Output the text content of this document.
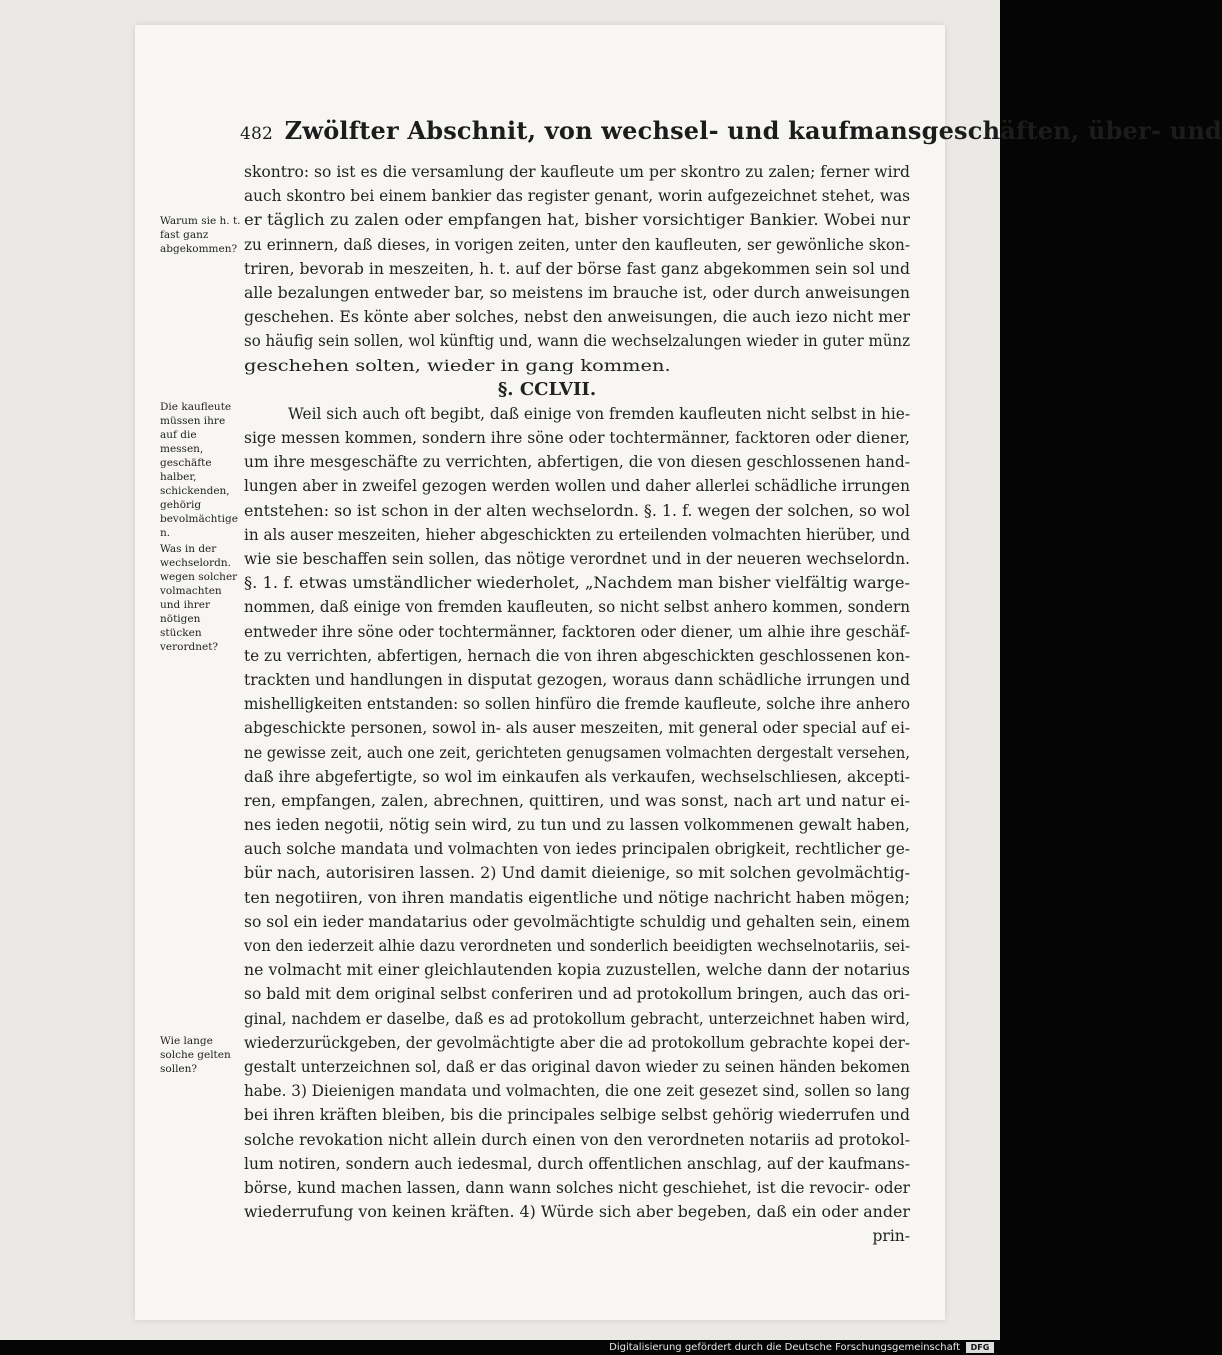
482 Zwölfter Abschnit, von wechsel- und kaufmansgeschäften, über- und
Warum sie h. t. fast ganz abgekommen?
Die kaufleute müssen ihre auf die messen, geschäfte halber, schickenden, gehörig bevolmächtigen.
Was in der wechselordn. wegen solcher volmachten und ihrer nötigen stücken verordnet?
Wie lange solche gelten sollen?
skontro: so ist es die versamlung der kaufleute um per skontro zu zalen; ferner wird
auch skontro bei einem bankier das register genant, worin aufgezeichnet stehet, was
er täglich zu zalen oder empfangen hat, bisher vorsichtiger Bankier. Wobei nur
zu erinnern, daß dieses, in vorigen zeiten, unter den kaufleuten, ser gewönliche skon-
triren, bevorab in meszeiten, h. t. auf der börse fast ganz abgekommen sein sol und
alle bezalungen entweder bar, so meistens im brauche ist, oder durch anweisungen
geschehen. Es könte aber solches, nebst den anweisungen, die auch iezo nicht mer
so häufig sein sollen, wol künftig und, wann die wechselzalungen wieder in guter münz
geschehen solten, wieder in gang kommen.
§. CCLVII.
Weil sich auch oft begibt, daß einige von fremden kaufleuten nicht selbst in hie-
sige messen kommen, sondern ihre söne oder tochtermänner, facktoren oder diener,
um ihre mesgeschäfte zu verrichten, abfertigen, die von diesen geschlossenen hand-
lungen aber in zweifel gezogen werden wollen und daher allerlei schädliche irrungen
entstehen: so ist schon in der alten wechselordn. §. 1. f. wegen der solchen, so wol
in als auser meszeiten, hieher abgeschickten zu erteilenden volmachten hierüber, und
wie sie beschaffen sein sollen, das nötige verordnet und in der neueren wechselordn.
§. 1. f. etwas umständlicher wiederholet, „Nachdem man bisher vielfältig warge-
nommen, daß einige von fremden kaufleuten, so nicht selbst anhero kommen, sondern
entweder ihre söne oder tochtermänner, facktoren oder diener, um alhie ihre geschäf-
te zu verrichten, abfertigen, hernach die von ihren abgeschickten geschlossenen kon-
trackten und handlungen in disputat gezogen, woraus dann schädliche irrungen und
mishelligkeiten entstanden: so sollen hinfüro die fremde kaufleute, solche ihre anhero
abgeschickte personen, sowol in- als auser meszeiten, mit general oder special auf ei-
ne gewisse zeit, auch one zeit, gerichteten genugsamen volmachten dergestalt versehen,
daß ihre abgefertigte, so wol im einkaufen als verkaufen, wechselschliesen, akcepti-
ren, empfangen, zalen, abrechnen, quittiren, und was sonst, nach art und natur ei-
nes ieden negotii, nötig sein wird, zu tun und zu lassen volkommenen gewalt haben,
auch solche mandata und volmachten von iedes principalen obrigkeit, rechtlicher ge-
bür nach, autorisiren lassen. 2) Und damit dieienige, so mit solchen gevolmächtig-
ten negotiiren, von ihren mandatis eigentliche und nötige nachricht haben mögen;
so sol ein ieder mandatarius oder gevolmächtigte schuldig und gehalten sein, einem
von den iederzeit alhie dazu verordneten und sonderlich beeidigten wechselnotariis, sei-
ne volmacht mit einer gleichlautenden kopia zuzustellen, welche dann der notarius
so bald mit dem original selbst conferiren und ad protokollum bringen, auch das ori-
ginal, nachdem er daselbe, daß es ad protokollum gebracht, unterzeichnet haben wird,
wiederzurückgeben, der gevolmächtigte aber die ad protokollum gebrachte kopei der-
gestalt unterzeichnen sol, daß er das original davon wieder zu seinen händen bekomen
habe. 3) Dieienigen mandata und volmachten, die one zeit gesezet sind, sollen so lang
bei ihren kräften bleiben, bis die principales selbige selbst gehörig wiederrufen und
solche revokation nicht allein durch einen von den verordneten notariis ad protokol-
lum notiren, sondern auch iedesmal, durch offentlichen anschlag, auf der kaufmans-
börse, kund machen lassen, dann wann solches nicht geschiehet, ist die revocir- oder
wiederrufung von keinen kräften. 4) Würde sich aber begeben, daß ein oder ander
prin-
Digitalisierung gefördert durch die Deutsche Forschungsgemeinschaft	DFG
